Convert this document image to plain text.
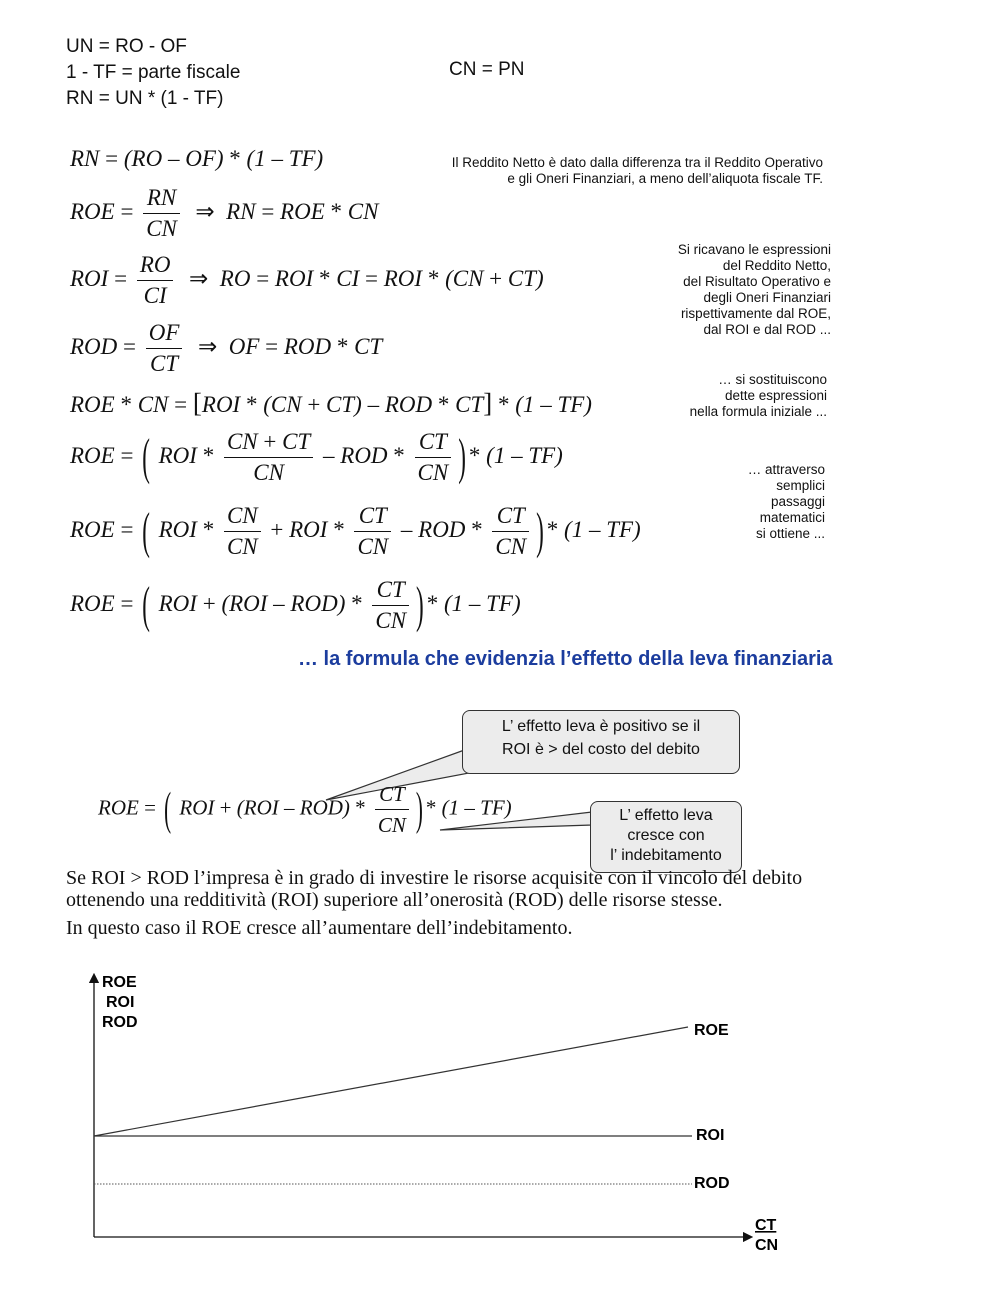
UN = RO - OF
1 - TF = parte fiscale
RN = UN * (1 - TF)
CN = PN
RN = (RO – OF) * (1 – TF)	Il Reddito Netto è dato dalla differenza tra il Reddito Operativo
e gli Oneri Finanziari, a meno dell’aliquota fiscale TF.
ROE = $\frac{RN}{CN}$ ⇒  RN = ROE * CN
ROI = $\frac{RO}{CI}$ ⇒  RO = ROI * CI = ROI * (CN + CT)
ROD = $\frac{OF}{CT}$ ⇒  OF = ROD * CT
Si ricavano le espressioni
del Reddito Netto,
del Risultato Operativo e
degli Oneri Finanziari
rispettivamente dal ROE,
dal ROI e dal ROD ...
ROE * CN = [ROI * (CN + CT) – ROD * CT] * (1 – TF)
… si sostituiscono
dette espressioni
nella formula iniziale ...
ROE = ( ROI * $\frac{CN + CT}{CN}$ – ROD * $\frac{CT}{CN}$ ) * (1 – TF)
ROE = ( ROI * $\frac{CN}{CN}$ + ROI * $\frac{CT}{CN}$ – ROD * $\frac{CT}{CN}$ ) * (1 – TF)
… attraverso
semplici
passaggi
matematici
si ottiene ...
ROE = ( ROI + $(ROI - ROD) * \frac{CT}{CN}$ ) * (1 – TF)
… la formula che evidenzia l’effetto della leva finanziaria
ROE = ( ROI + $(ROI - ROD) * \frac{CT}{CN}$ ) * (1 – TF)
L’ effetto leva è positivo se il
ROI è > del costo del debito
L’ effetto leva
cresce con
l’ indebitamento
Se ROI > ROD l’impresa è in grado di investire le risorse acquisite con il vincolo del debito ottenendo una redditività (ROI) superiore all’onerosità (ROD) delle risorse stesse.
In questo caso il ROE cresce all’aumentare dell’indebitamento.
ROE
ROI
ROD	ROE
ROI
ROD
CT
CN
